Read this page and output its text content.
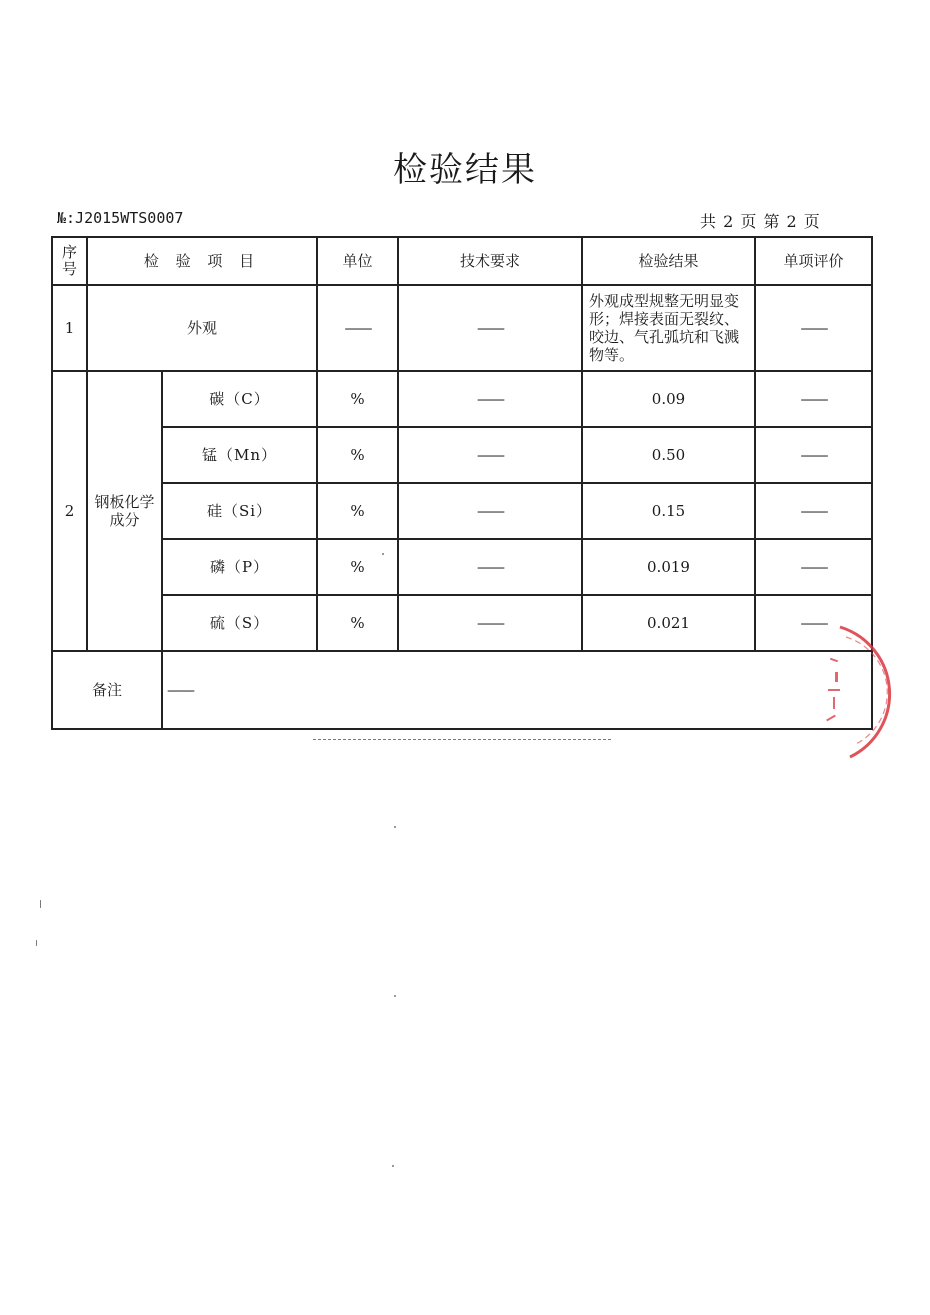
检验结果
№:J2015WTS0007	共 2 页 第 2 页
序号	检 验 项 目		单位	技术要求	检验结果	单项评价
1	外观		——	——	外观成型规整无明显变形；焊接表面无裂纹、咬边、气孔弧坑和飞溅物等。	——
2	钢板化学成分	碳（C）	%	——	0.09	——
		锰（Mn）	%	——	0.50	——
		硅（Si）	%	——	0.15	——
		磷（P）	%	——	0.019	——
		硫（S）	%	——	0.021	——
备注		——				
